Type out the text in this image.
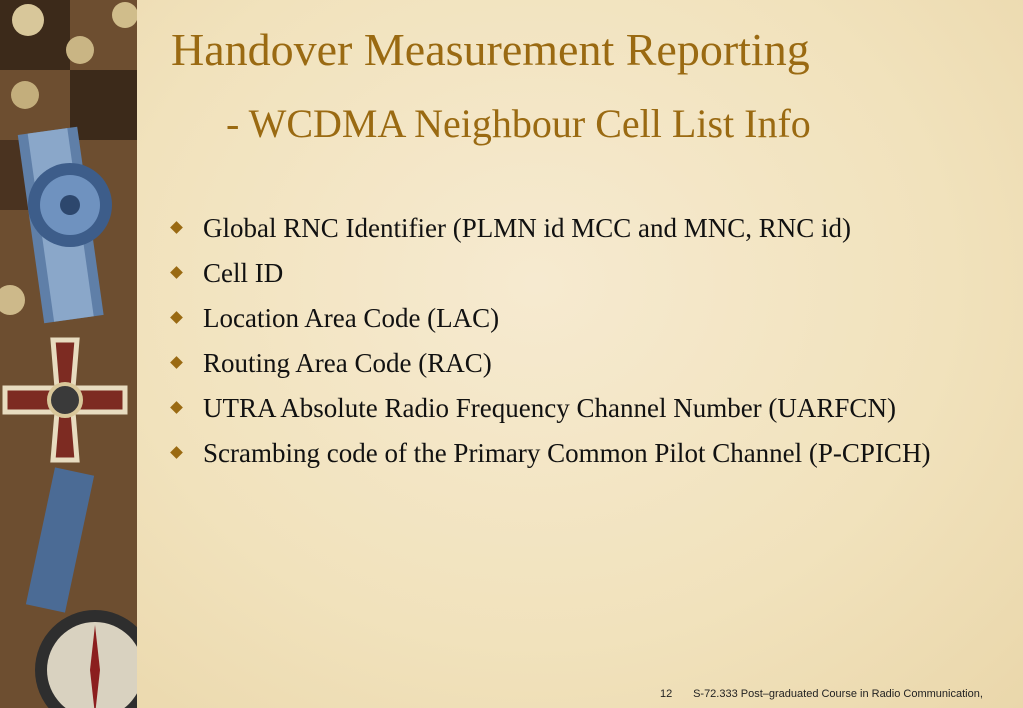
Handover Measurement Reporting
- WCDMA Neighbour Cell List Info
Global RNC Identifier (PLMN id MCC and MNC, RNC id)
Cell ID
Location Area Code (LAC)
Routing Area Code (RAC)
UTRA Absolute Radio Frequency Channel Number (UARFCN)
Scrambing code of the Primary Common Pilot Channel (P-CPICH)
12 S-72.333 Post–graduated Course in Radio Communication,
